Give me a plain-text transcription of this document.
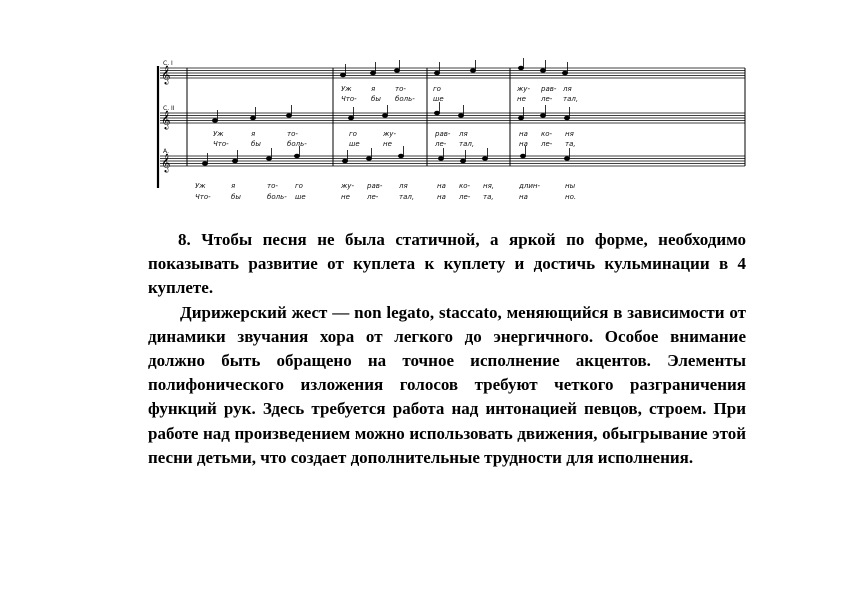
𝄞
𝄞
𝄞
С. I
С. II
А.
Уж	я	то-	го	жу- рав- ля
Что- бы боль-	ше	не ле- тал,
Уж	я	то-	го	жу-	рав- ля	на ко- ня
Что-	бы	боль-	ше	не	ле- тал,	на ле- та,
Уж	я	то- го	жу- рав- ля	на ко- ня,	длин-	ны
Что-	бы	боль- ше	не ле-	тал,	на ле- та,	на	но.

8. Чтобы песня не была статичной, а яркой по форме, необходимо показывать развитие от куплета к куплету и достичь кульминации в 4 куплете.

Дирижерский жест — non legato, staccato, меняющийся в зависимости от динамики звучания хора от легкого до энергичного. Особое внимание должно быть обращено на точное исполнение акцентов. Элементы полифонического изложения голосов требуют четкого разграничения функций рук. Здесь требуется работа над интонацией певцов, строем. При работе над произведением можно использовать движения, обыгрывание этой песни детьми, что создает дополнительные трудности для исполнения.
